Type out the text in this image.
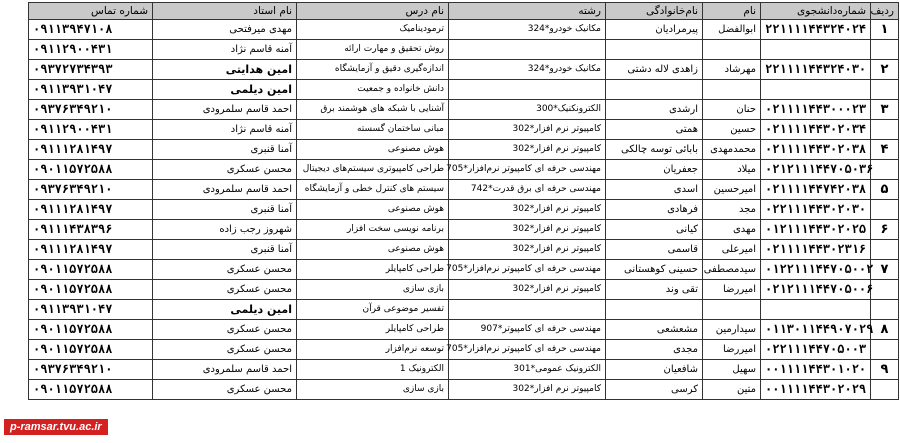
ردیف	شماره‌دانشجوی	نام	نام‌خانوادگی	رشته	نام درس	نام استاد	شماره تماس
۱	۲۲۱۱۱۱۴۴۳۲۴۰۲۴	ابوالفضل	پیرمرادیان	مکانیک خودرو*324	ترمودینامیک	مهدی میرفتحی	۰۹۱۱۳۹۴۷۱۰۸
					روش تحقیق و مهارت ارائه	آمنه قاسم نژاد	۰۹۱۱۲۹۰۰۴۳۱
۲	۲۲۱۱۱۱۴۴۳۲۴۰۳۰	مهرشاد	زاهدی لاله دشتی	مکانیک خودرو*324	اندازه‌گیری دقیق و آزمایشگاه	امین هدایتی	۰۹۳۷۲۷۳۴۳۹۳
					دانش خانواده و جمعیت	امین دیلمی	۰۹۱۱۳۹۳۱۰۴۷
۳	۰۲۱۱۱۱۴۴۳۰۰۰۲۳	حنان	ارشدی	الکترونکنیک*300	آشنایی با شبکه های هوشمند برق	احمد قاسم سلمرودی	۰۹۳۷۶۳۴۹۲۱۰
	۰۲۱۱۱۱۴۴۳۰۲۰۳۴	حسین	همتی	کامپیوتر نرم افزار*302	مبانی ساختمان گسسته	آمنه قاسم نژاد	۰۹۱۱۲۹۰۰۴۳۱
۴	۰۲۱۱۱۱۴۴۳۰۲۰۳۸	محمدمهدی	بابائی توسه چالکی	کامپیوتر نرم افزار*302	هوش مصنوعی	آمنا قنبری	۰۹۱۱۱۲۸۱۴۹۷
	۰۲۱۲۱۱۱۴۴۷۰۵۰۳۶	میلاد	جعفریان	مهندسی حرفه ای کامپیوتر نرم‌افزار*705	طراحی کامپیوتری سیستم‌های دیجیتال	محسن عسکری	۰۹۰۱۱۵۷۲۵۸۸
۵	۰۲۱۱۱۱۴۴۷۴۲۰۳۸	امیرحسین	اسدی	مهندسی حرفه ای برق قدرت*742	سیستم های کنترل خطی و آزمایشگاه	احمد قاسم سلمرودی	۰۹۳۷۶۳۴۹۲۱۰
	۰۲۲۱۱۱۴۴۳۰۲۰۳۰	مجد	فرهادی	کامپیوتر نرم افزار*302	هوش مصنوعی	آمنا قنبری	۰۹۱۱۱۲۸۱۴۹۷
۶	۰۱۲۱۱۱۴۴۳۰۲۰۲۵	مهدی	کیانی	کامپیوتر نرم افزار*302	برنامه نویسی سخت افزار	شهروز رجب زاده	۰۹۱۱۱۴۳۸۳۹۶
	۰۲۱۱۱۱۴۴۳۰۲۳۱۶	امیرعلی	قاسمی	کامپیوتر نرم افزار*302	هوش مصنوعی	آمنا قنبری	۰۹۱۱۱۲۸۱۴۹۷
۷	۰۱۲۲۱۱۱۴۴۷۰۵۰۰۲	سیدمصطفی	حسینی کوهستانی	مهندسی حرفه ای کامپیوتر نرم‌افزار*705	طراحی کامپایلر	محسن عسکری	۰۹۰۱۱۵۷۲۵۸۸
	۰۲۱۲۱۱۱۴۴۷۰۵۰۰۶	امیررضا	تقی وند	کامپیوتر نرم افزار*302	بازی سازی	محسن عسکری	۰۹۰۱۱۵۷۲۵۸۸
					تفسیر موضوعی قرآن	امین دیلمی	۰۹۱۱۳۹۳۱۰۴۷
۸	۰۱۱۳۰۱۱۴۴۹۰۷۰۲۹	سیدارمین	مشعشعی	مهندسی حرفه ای کامپیوتر*907	طراحی کامپایلر	محسن عسکری	۰۹۰۱۱۵۷۲۵۸۸
	۰۲۲۱۱۱۴۴۷۰۵۰۰۳	امیررضا	مجدی	مهندسی حرفه ای کامپیوتر نرم‌افزار*705	توسعه نرم‌افزار	محسن عسکری	۰۹۰۱۱۵۷۲۵۸۸
۹	۰۰۱۱۱۱۴۴۳۰۱۰۲۰	سهیل	شافعیان	الکترونیک عمومی*301	الکترونیک 1	احمد قاسم سلمرودی	۰۹۳۷۶۳۴۹۲۱۰
	۰۰۱۱۱۱۴۴۳۰۲۰۲۹	متین	کرسی	کامپیوتر نرم افزار*302	بازی سازی	محسن عسکری	۰۹۰۱۱۵۷۲۵۸۸
p-ramsar.tvu.ac.ir
